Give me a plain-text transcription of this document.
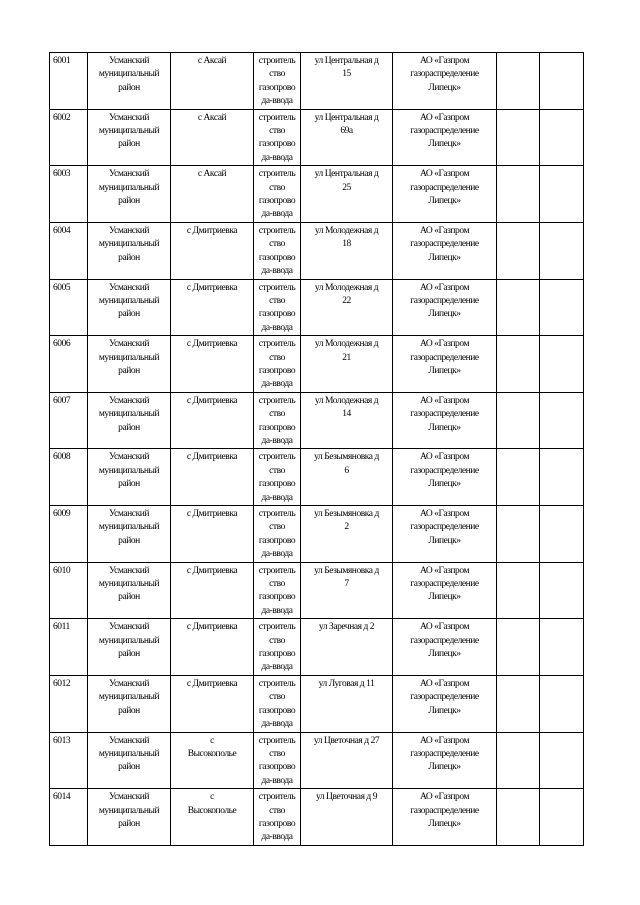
6001	Усманский
муниципальный
район	с Аксай	строитель
ство
газопрово
да-ввода	ул Центральная д
15	АО «Газпром
газораспределение
Липецк»		

6002	Усманский
муниципальный
район	с Аксай	строитель
ство
газопрово
да-ввода	ул Центральная д
69а	АО «Газпром
газораспределение
Липецк»		

6003	Усманский
муниципальный
район	с Аксай	строитель
ство
газопрово
да-ввода	ул Центральная д
25	АО «Газпром
газораспределение
Липецк»		

6004	Усманский
муниципальный
район	с Дмитриевка	строитель
ство
газопрово
да-ввода	ул Молодежная д
18	АО «Газпром
газораспределение
Липецк»		

6005	Усманский
муниципальный
район	с Дмитриевка	строитель
ство
газопрово
да-ввода	ул Молодежная д
22	АО «Газпром
газораспределение
Липецк»		

6006	Усманский
муниципальный
район	с Дмитриевка	строитель
ство
газопрово
да-ввода	ул Молодежная д
21	АО «Газпром
газораспределение
Липецк»		

6007	Усманский
муниципальный
район	с Дмитриевка	строитель
ство
газопрово
да-ввода	ул Молодежная д
14	АО «Газпром
газораспределение
Липецк»		

6008	Усманский
муниципальный
район	с Дмитриевка	строитель
ство
газопрово
да-ввода	ул Безымяновка д
6	АО «Газпром
газораспределение
Липецк»		

6009	Усманский
муниципальный
район	с Дмитриевка	строитель
ство
газопрово
да-ввода	ул Безымяновка д
2	АО «Газпром
газораспределение
Липецк»		

6010	Усманский
муниципальный
район	с Дмитриевка	строитель
ство
газопрово
да-ввода	ул Безымяновка д
7	АО «Газпром
газораспределение
Липецк»		

6011	Усманский
муниципальный
район	с Дмитриевка	строитель
ство
газопрово
да-ввода	ул Заречная д 2	АО «Газпром
газораспределение
Липецк»		

6012	Усманский
муниципальный
район	с Дмитриевка	строитель
ство
газопрово
да-ввода	ул Луговая д 11	АО «Газпром
газораспределение
Липецк»		

6013	Усманский
муниципальный
район	с
Высокополье	строитель
ство
газопрово
да-ввода	ул Цветочная д 27	АО «Газпром
газораспределение
Липецк»		

6014	Усманский
муниципальный
район	с
Высокополье	строитель
ство
газопрово
да-ввода	ул Цветочная д 9	АО «Газпром
газораспределение
Липецк»		
